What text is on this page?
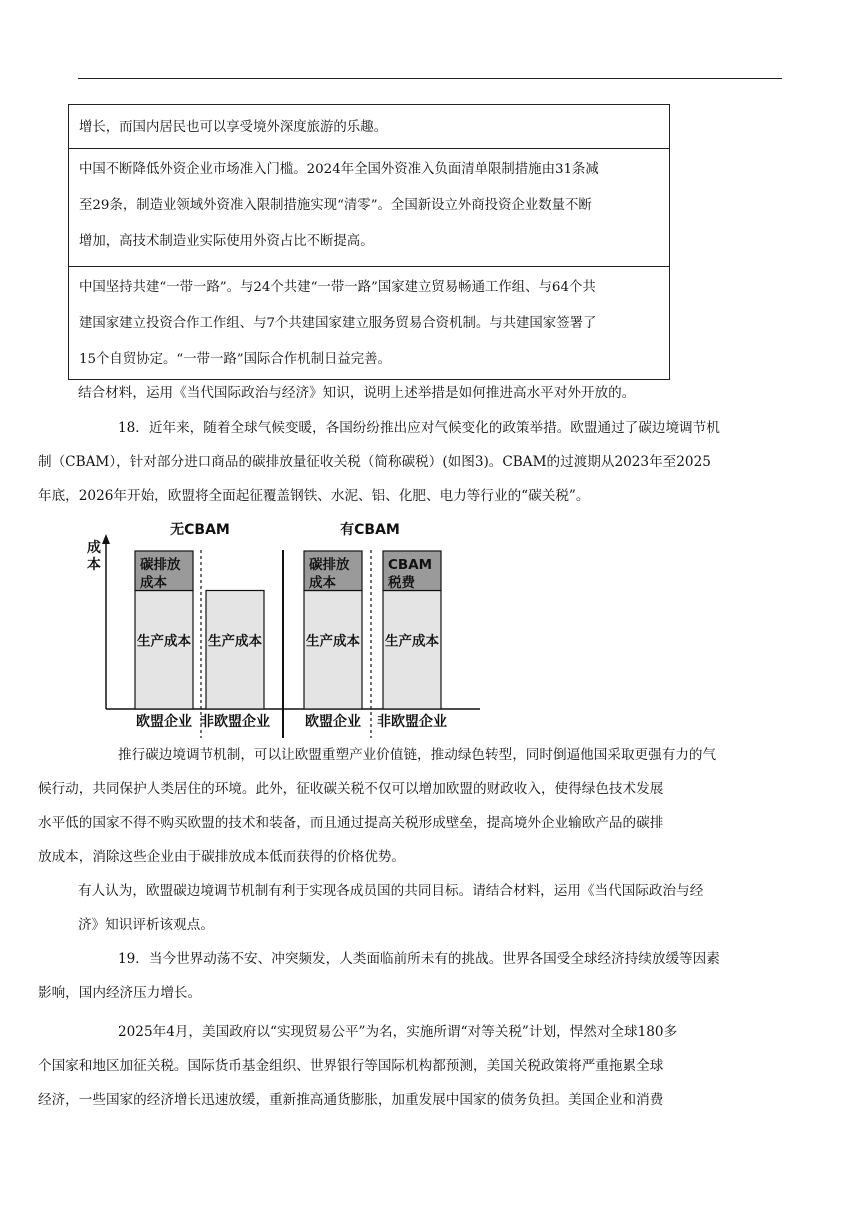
增长，而国内居民也可以享受境外深度旅游的乐趣。
中国不断降低外资企业市场准入门槛。2024年全国外资准入负面清单限制措施由31条减
至29条，制造业领域外资准入限制措施实现“清零”。全国新设立外商投资企业数量不断
增加，高技术制造业实际使用外资占比不断提高。
中国坚持共建“一带一路”。与24个共建“一带一路”国家建立贸易畅通工作组、与64个共
建国家建立投资合作工作组、与7个共建国家建立服务贸易合资机制。与共建国家签署了
15个自贸协定。“一带一路”国际合作机制日益完善。
结合材料，运用《当代国际政治与经济》知识，说明上述举措是如何推进高水平对外开放的。
18．近年来，随着全球气候变暖，各国纷纷推出应对气候变化的政策举措。欧盟通过了碳边境调节机
制（CBAM），针对部分进口商品的碳排放量征收关税（简称碳税）(如图3)。CBAM的过渡期从2023年至2025
年底，2026年开始，欧盟将全面起征覆盖钢铁、水泥、铝、化肥、电力等行业的“碳关税”。
成
本
无CBAM
生产成本
碳排放
成本
欧盟企业
生产成本
非欧盟企业
有CBAM
生产成本
碳排放
成本
欧盟企业
生产成本
CBAM
税费
非欧盟企业
推行碳边境调节机制，可以让欧盟重塑产业价值链，推动绿色转型，同时倒逼他国采取更强有力的气
候行动，共同保护人类居住的环境。此外，征收碳关税不仅可以增加欧盟的财政收入，使得绿色技术发展
水平低的国家不得不购买欧盟的技术和装备，而且通过提高关税形成壁垒，提高境外企业输欧产品的碳排
放成本，消除这些企业由于碳排放成本低而获得的价格优势。
有人认为，欧盟碳边境调节机制有利于实现各成员国的共同目标。请结合材料，运用《当代国际政治与经
济》知识评析该观点。
19．当今世界动荡不安、冲突频发，人类面临前所未有的挑战。世界各国受全球经济持续放缓等因素
影响，国内经济压力增长。
2025年4月，美国政府以“实现贸易公平”为名，实施所谓“对等关税”计划，悍然对全球180多
个国家和地区加征关税。国际货币基金组织、世界银行等国际机构都预测，美国关税政策将严重拖累全球
经济，一些国家的经济增长迅速放缓，重新推高通货膨胀，加重发展中国家的债务负担。美国企业和消费
